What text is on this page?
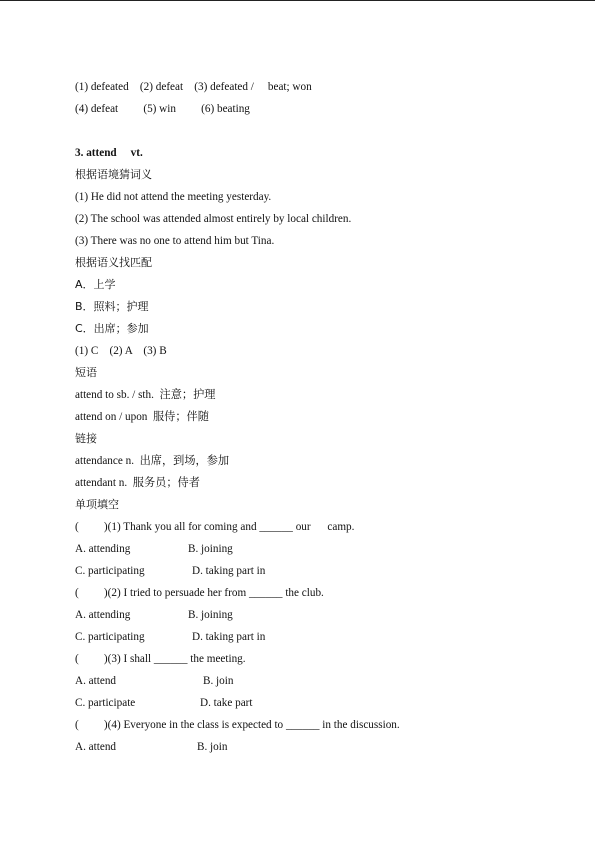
(1) defeated    (2) defeat    (3) defeated /     beat; won
(4) defeat         (5) win         (6) beating
3. attend     vt.
根据语境猜词义
(1) He did not attend the meeting yesterday.
(2) The school was attended almost entirely by local children.
(3) There was no one to attend him but Tina.
根据语义找匹配
A．上学
B．照料；护理
C．出席；参加
(1) C    (2) A    (3) B
短语
attend to sb. / sth.  注意；护理
attend on / upon  服侍；伴随
链接
attendance n.  出席，到场，参加
attendant n.  服务员；侍者
单项填空
(         )(1) Thank you all for coming and ______ our      camp.
A. attending	B. joining
C. participating	D. taking part in
(         )(2) I tried to persuade her from ______ the club.
A. attending	B. joining
C. participating	D. taking part in
(         )(3) I shall ______ the meeting.
A. attend	B. join
C. participate	D. take part
(         )(4) Everyone in the class is expected to ______ in the discussion.
A. attend	B. join
